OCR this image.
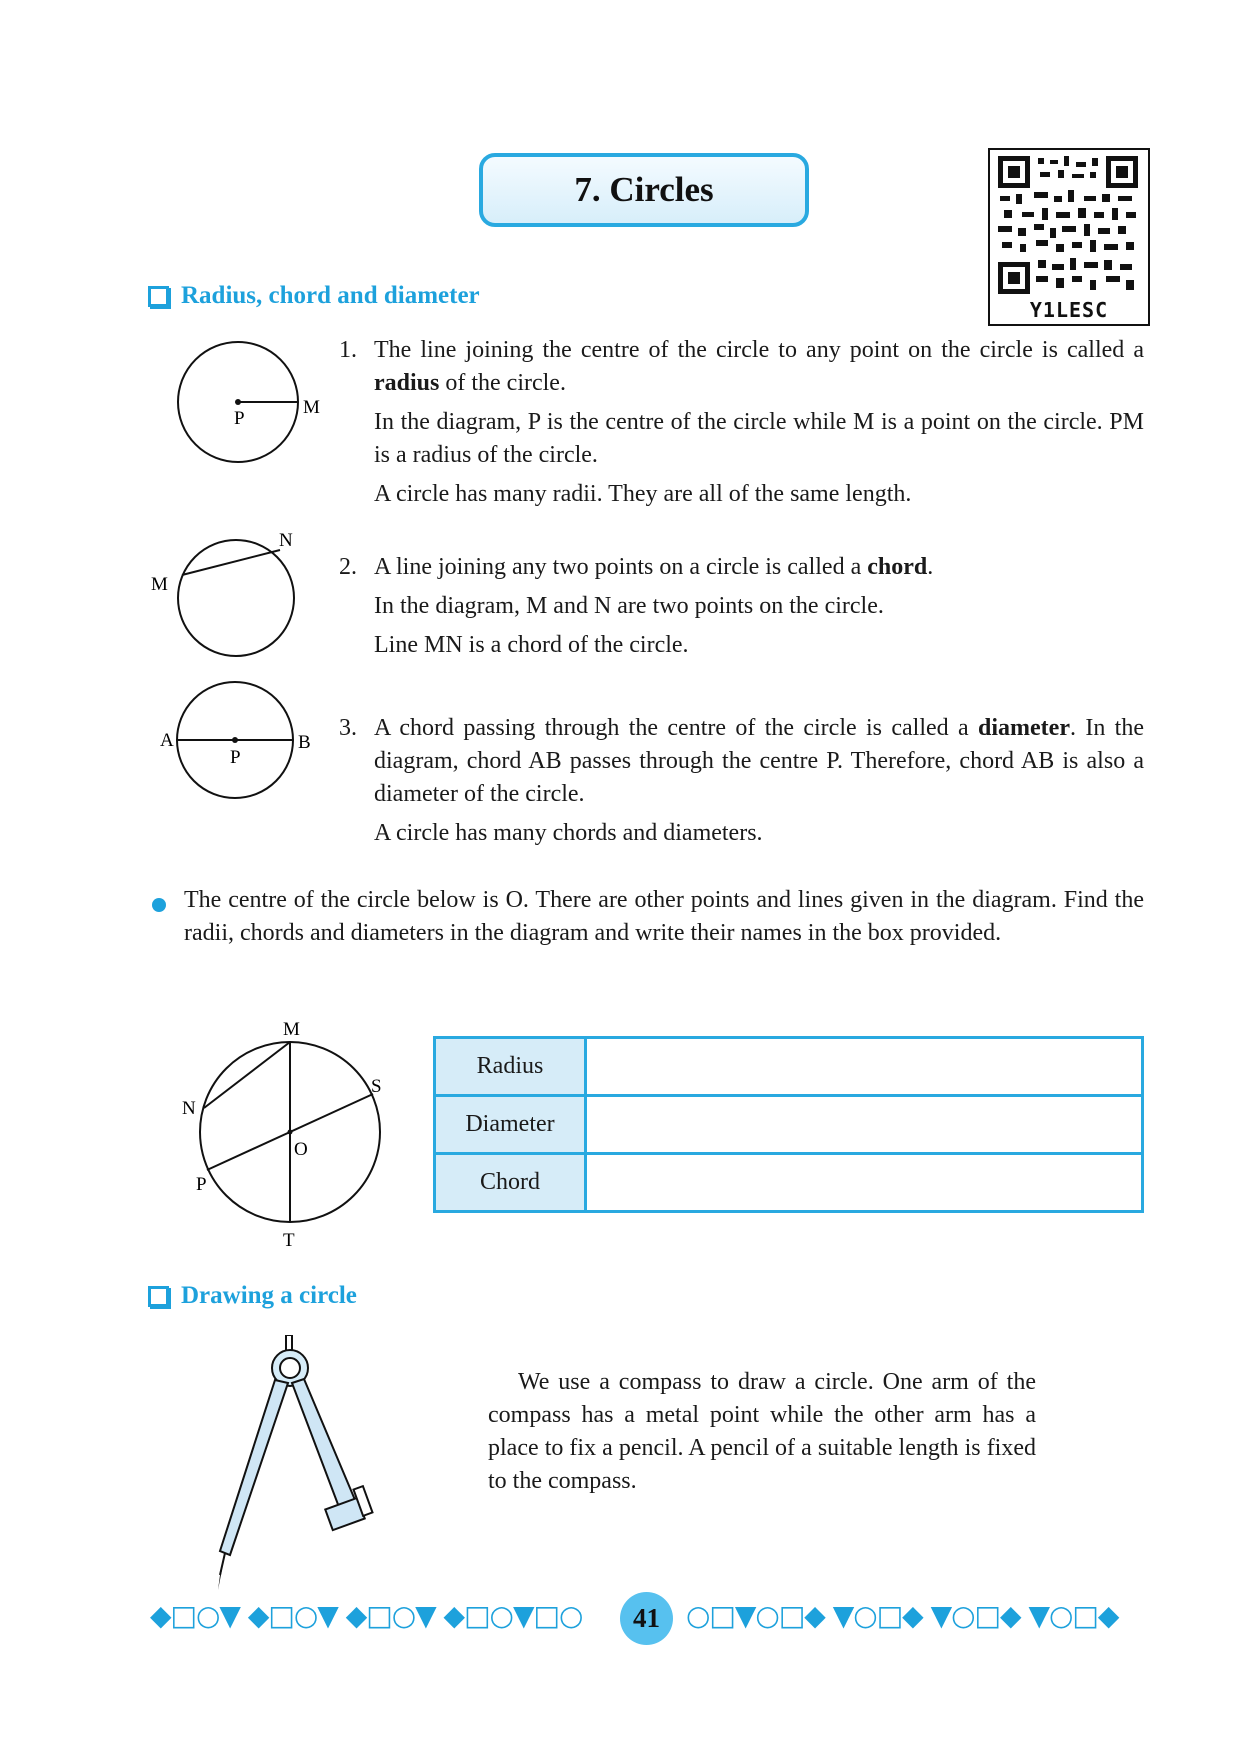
7. Circles
Y1LESC
Radius, chord and diameter
P
M
1. The line joining the centre of the circle to any point on the circle is called a radius of the circle.

In the diagram, P is the centre of the circle while M is a point on the circle. PM is a radius of the circle.

A circle has many radii. They are all of the same length.

M
N
2. A line joining any two points on a circle is called a chord.

In the diagram, M and N are two points on the circle.

Line MN is a chord of the circle.

A	B
P
3. A chord passing through the centre of the circle is called a diameter. In the diagram, chord AB passes through the centre P. Therefore, chord AB is also a diameter of the circle.

A circle has many chords and diameters.

The centre of the circle below is O. There are other points and lines given in the diagram. Find the radii, chords and diameters in the diagram and write their names in the box provided.
M
N
S
O
P
T
Radius	
Diameter	
Chord	
Drawing a circle
We use a compass to draw a circle. One arm of the compass has a metal point while the other arm has a place to fix a pencil. A pencil of a suitable length is fixed to the compass.
◆□○▼ ◆□○▼ ◆□○▼ ◆□○▼□○	41 ○□▼○□◆ ▼○□◆ ▼○□◆ ▼○□◆
